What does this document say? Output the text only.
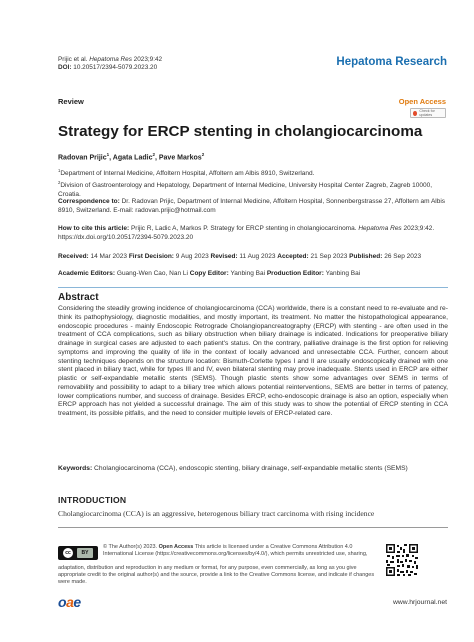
Prijic et al. Hepatoma Res 2023;9:42
DOI: 10.20517/2394-5079.2023.20	Hepatoma Research
Review	Open Access
Check for updates
Strategy for ERCP stenting in cholangiocarcinoma
Radovan Prijic$^1$, Agata Ladic$^2$, Pave Markos$^2$
$^1$Department of Internal Medicine, Affoltern Hospital, Affoltern am Albis 8910, Switzerland.
$^2$Division of Gastroenterology and Hepatology, Department of Internal Medicine, University Hospital Center Zagreb, Zagreb 10000, Croatia.
Correspondence to: Dr. Radovan Prijic, Department of Internal Medicine, Affoltern Hospital, Sonnenbergstrasse 27, Affoltern am Albis 8910, Switzerland. E-mail: radovan.prijic@hotmail.com
How to cite this article: Prijic R, Ladic A, Markos P. Strategy for ERCP stenting in cholangiocarcinoma. Hepatoma Res 2023;9:42. https://dx.doi.org/10.20517/2394-5079.2023.20
Received: 14 Mar 2023 First Decision: 9 Aug 2023 Revised: 11 Aug 2023 Accepted: 21 Sep 2023 Published: 26 Sep 2023
Academic Editors: Guang-Wen Cao, Nan Li Copy Editor: Yanbing Bai Production Editor: Yanbing Bai
Abstract
Considering the steadily growing incidence of cholangiocarcinoma (CCA) worldwide, there is a constant need to re-evaluate and re-think its pathophysiology, diagnostic modalities, and mostly important, its treatment. No matter the histopathological appearance, endoscopic procedures - mainly Endoscopic Retrograde Cholangiopancreatography (ERCP) with stenting - are often used in the treatment of CCA complications, such as biliary obstruction when biliary drainage is indicated. Indications for preoperative biliary drainage in surgical cases are adjusted to each patient's status. On the contrary, palliative drainage is the first option for relieving symptoms and improving the quality of life in the context of locally advanced and unresectable CCA. Further, concern about stenting techniques depends on the structure location: Bismuth-Corlette types I and II are usually endoscopically drained with one stent placed in biliary tract, while for types III and IV, even bilateral stenting may prove inadequate. Stents used in ERCP are either plastic or self-expandable metallic stents (SEMS). Though plastic stents show some advantages over SEMS in terms of removability and possibility to adapt to a biliary tree which allows potential reinterventions, SEMS are better in terms of patency, lower complications number, and success of drainage. Besides ERCP, echo-endoscopic drainage is also an option, especially when ERCP approach has not yielded a successful drainage. The aim of this study was to show the potential of ERCP stenting in CCA treatment, its possible pitfalls, and the need to consider multiple levels of ERCP-related care.
Keywords: Cholangiocarcinoma (CCA), endoscopic stenting, biliary drainage, self-expandable metallic stents (SEMS)
INTRODUCTION
Cholangiocarcinoma (CCA) is an aggressive, heterogenous biliary tract carcinoma with rising incidence
cc	BY
© The Author(s) 2023. Open Access This article is licensed under a Creative Commons Attribution 4.0 International License (https://creativecommons.org/licenses/by/4.0/), which permits unrestricted use, sharing,
adaptation, distribution and reproduction in any medium or format, for any purpose, even commercially, as long as you give appropriate credit to the original author(s) and the source, provide a link to the Creative Commons license, and indicate if changes were made.
oae	www.hrjournal.net
